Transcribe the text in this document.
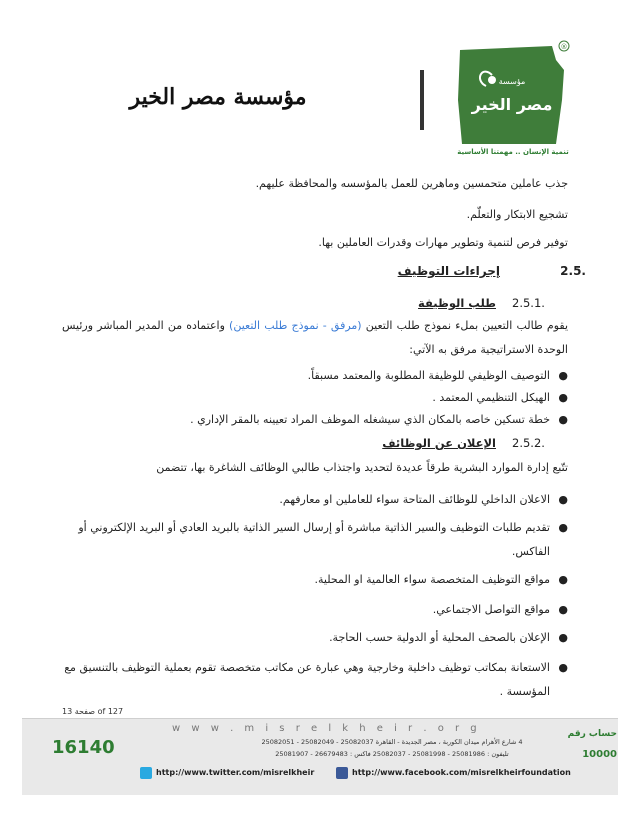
مؤسسة مصر الخير
®
مؤسسة
مصر الخير
تنمية الإنسان .. مهمتنا الأساسية
جذب عاملين متحمسين وماهرين للعمل بالمؤسسه والمحافظة عليهم.
تشجيع الابتكار والتعلّم.
توفير فرص لتنمية وتطوير مهارات وقدرات العاملين بها.
2.5.
إجراءات التوظيف
2.5.1.
طلب الوظيفة
يقوم طالب التعيين بملء نموذج طلب التعين (مرفق - نموذج طلب التعين) واعتماده من المدير المباشر ورئيس الوحدة الاستراتيجية مرفق به الآتي:
●
التوصيف الوظيفي للوظيفة المطلوبة والمعتمد مسبقاً.
●
الهيكل التنظيمي المعتمد .
●
خطة تسكين خاصه بالمكان الذي سيشغله الموظف المراد تعيينه بالمقر الإداري .
2.5.2.
الإعلان عن الوظائف
تتّبع إدارة الموارد البشرية طرقاً عديدة لتحديد واجتذاب طالبي الوظائف الشاغرة بها، تتضمن
●
الاعلان الداخلي للوظائف المتاحة سواء للعاملين او معارفهم.
●
تقديم طلبات التوظيف والسير الذاتية مباشرة أو إرسال السير الذاتية بالبريد العادي أو البريد الإلكتروني أو الفاكس.
●
مواقع التوظيف المتخصصة سواء العالمية او المحلية.
●
مواقع التواصل الاجتماعي.
●
الإعلان بالصحف المحلية أو الدولية حسب الحاجة.
●
الاستعانة بمكاتب توظيف داخلية وخارجية وهي عبارة عن مكاتب متخصصة تقوم بعملية التوظيف بالتنسيق مع المؤسسة .
صفحة 13 of 127
16140
w w w . m i s r e l k h e i r . o r g
4 شارع الأهرام ميدان الكوربة ، مصر الجديدة - القاهرة 25082037 - 25082049 - 25082051
تليفون : 25081986 - 25081998 - 25082037 فاكس : 26679483 - 25081907
http://www.twitter.com/misrelkheir	http://www.facebook.com/misrelkheirfoundation
حساب رقم
10000
